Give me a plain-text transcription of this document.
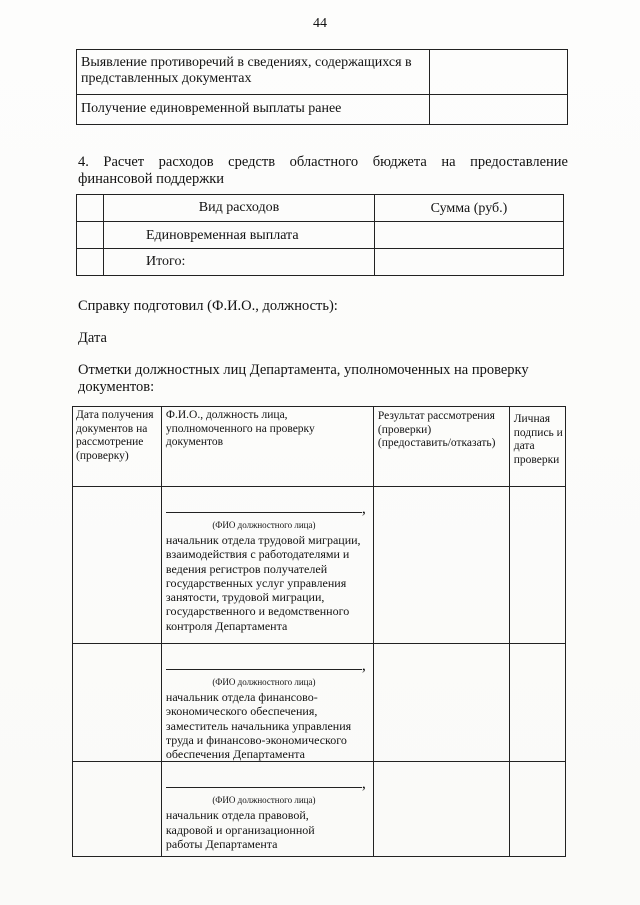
44
Выявление противоречий в сведениях, содержащихся в представленных документах	
Получение единовременной выплаты ранее	
4. Расчет расходов средств областного бюджета на предоставление
финансовой поддержки
	Вид расходов	Сумма (руб.)
	Единовременная выплата	
	Итого:	
Справку подготовил (Ф.И.О., должность):
Дата
Отметки должностных лиц Департамента, уполномоченных на проверку документов:
Дата получения документов на рассмотрение (проверку)	Ф.И.О., должность лица, уполномоченного на проверку документов	Результат рассмотрения (проверки) (предоставить/отказать)	Личная подпись и дата проверки

	,
(ФИО должностного лица)
начальник отдела трудовой миграции, взаимодействия с работодателями и ведения регистров получателей государственных услуг управления занятости, трудовой миграции, государственного и ведомственного контроля Департамента		

	,
(ФИО должностного лица)
начальник отдела финансово-экономического обеспечения, заместитель начальника управления труда и финансово-экономического обеспечения Департамента		

	,
(ФИО должностного лица)
начальник отдела правовой, кадровой и организационной работы Департамента		
